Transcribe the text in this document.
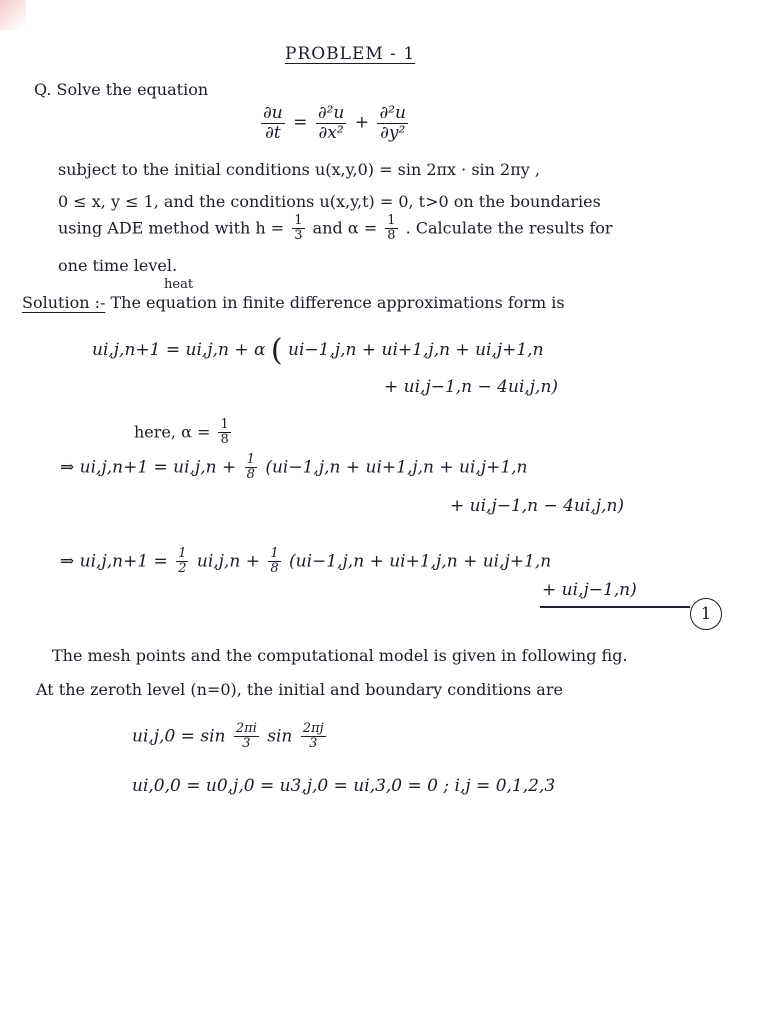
PROBLEM - 1
Q. Solve the equation
$\frac{\partial u}{\partial t} = \frac{\text{∂²u}}{\text{∂x²}} + \frac{\text{∂²u}}{\text{∂y²}}$
subject to the initial conditions u(x,y,0) = sin 2πx · sin 2πy ,
0 ≤ x, y ≤ 1, and the conditions u(x,y,t) = 0, t>0 on the boundaries
using ADE method with $h = \frac{1}{3}$ and $\alpha = \frac{1}{8}$ . Calculate the results for
one time level.
heat
Solution :- The equation in finite difference approximations form is
ui,j,n+1 = ui,j,n + α ( ui−1,j,n + ui+1,j,n + ui,j+1,n
+ ui,j−1,n − 4ui,j,n)
here, $\alpha = \frac{1}{8}$
⇒ $ui,j,n+1 = ui,j,n + \frac{1}{8} (ui-1,j,n + ui+1,j,n + ui,j+1,n$
+ ui,j−1,n − 4ui,j,n)
⇒ $ui,j,n+1 = \frac{1}{2} ui,j,n + \frac{1}{8} (ui-1,j,n + ui+1,j,n + ui,j+1,n$
+ ui,j−1,n)
1
The mesh points and the computational model is given in following fig.
At the zeroth level (n=0), the initial and boundary conditions are
$ui,j,0 = \sin \frac{2\pi i}{3}$ $\sin \frac{2\pi j}{3}$
ui,0,0 = u0,j,0 = u3,j,0 = ui,3,0 = 0 ; i,j = 0,1,2,3
